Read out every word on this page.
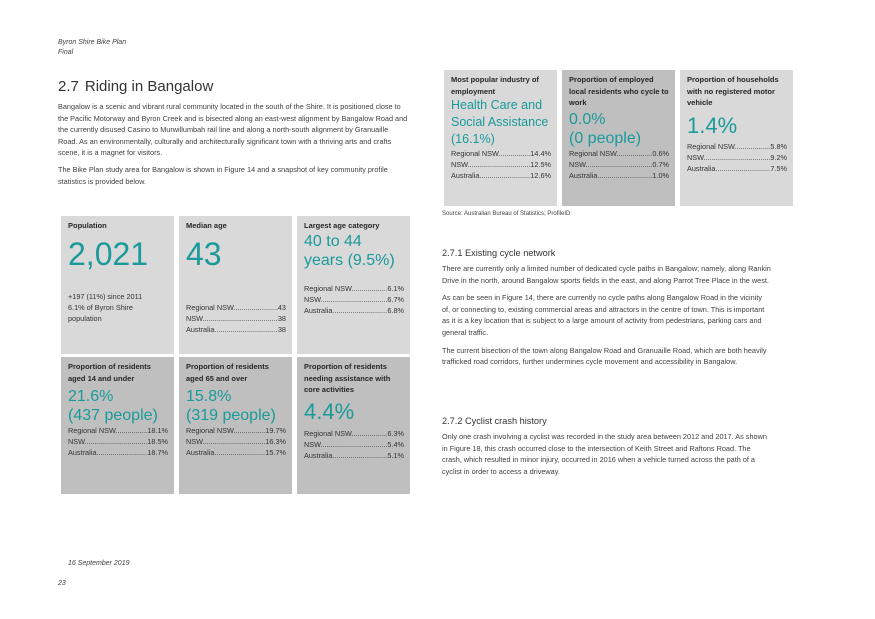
Byron Shire Bike Plan
Final
2.7 Riding in Bangalow

Bangalow is a scenic and vibrant rural community located in the south of the Shire. It is positioned close to the Pacific Motorway and Byron Creek and is bisected along an east-west alignment by Bangalow Road and the currently disused Casino to Murwillumbah rail line and along a north-south alignment by Granuaille Road. As an environmentally, culturally and architecturally significant town with a thriving arts and crafts scene, it is a magnet for visitors.

The Bike Plan study area for Bangalow is shown in Figure 14 and a snapshot of key community profile statistics is provided below.

Population
2,021
+197 (11%) since 2011
6.1% of Byron Shire
population
Median age
43
Regional NSW .....	43
NSW .....	38
Australia .....	38
Largest age category
40 to 44
years (9.5%)
Regional NSW .....	6.1%
NSW .....	6.7%
Australia .....	6.8%
Proportion of residents aged 14 and under
21.6%
(437 people)
Regional NSW .....	18.1%
NSW .....	18.5%
Australia .....	18.7%
Proportion of residents aged 65 and over
15.8%
(319 people)
Regional NSW .....	19.7%
NSW .....	16.3%
Australia .....	15.7%
Proportion of residents needing assistance with core activities
4.4%
Regional NSW .....	6.3%
NSW .....	5.4%
Australia .....	5.1%
Most popular industry of employment
Health Care and
Social Assistance
(16.1%)
Regional NSW .....	14.4%
NSW .....	12.5%
Australia .....	12.6%
Proportion of employed local residents who cycle to work
0.0%
(0 people)
Regional NSW .....	0.6%
NSW .....	0.7%
Australia .....	1.0%
Proportion of households with no registered motor vehicle
1.4%
Regional NSW .....	5.8%
NSW .....	9.2%
Australia .....	7.5%
Source: Australian Bureau of Statistics; ProfileID
2.7.1 Existing cycle network

There are currently only a limited number of dedicated cycle paths in Bangalow; namely, along Rankin Drive in the north, around Bangalow sports fields in the east, and along Parrot Tree Place in the west.

As can be seen in Figure 14, there are currently no cycle paths along Bangalow Road in the vicinity of, or connecting to, existing commercial areas and attractors in the centre of town. This is important as it is a key location that is subject to a large amount of activity from pedestrians, parking cars and general traffic.

The current bisection of the town along Bangalow Road and Granuaille Road, which are both heavily trafficked road corridors, further undermines cycle movement and accessibility in Bangalow.

2.7.2 Cyclist crash history

Only one crash involving a cyclist was recorded in the study area between 2012 and 2017. As shown in Figure 18, this crash occurred close to the intersection of Keith Street and Raftons Road. The crash, which resulted in minor injury, occurred in 2016 when a vehicle turned across the path of a cyclist in order to access a driveway.

16 September 2019
23
